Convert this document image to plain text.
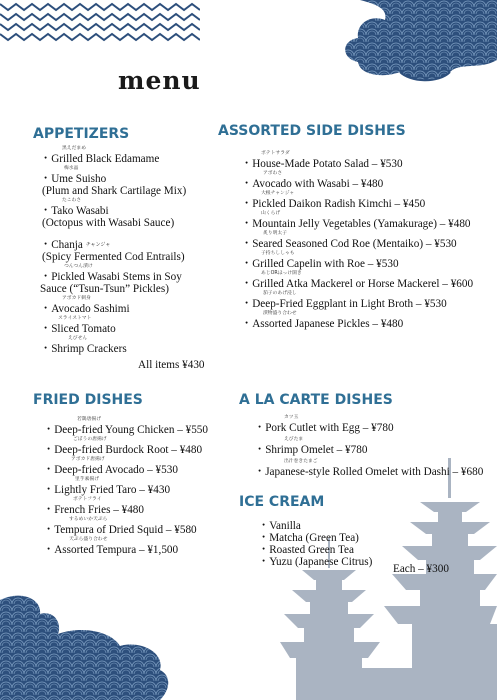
menu
APPETIZERS
黒えだまめ
・Grilled Black Edamame
梅水晶
・Ume Suisho
(Plum and Shark Cartilage Mix)
たこわさ
・Tako Wasabi
(Octopus with Wasabi Sauce)
・Chanja $^{チャンジャ}$
(Spicy Fermented Cod Entrails)
つんつん漬け
・Pickled Wasabi Stems in Soy
Sauce (“Tsun-Tsun” Pickles)
アボカド刺身
・Avocado Sashimi
スライストマト
・Sliced Tomato
えびせん
・Shrimp Crackers
All items ¥430
ASSORTED SIDE DISHES
ポテトサラダ
・House-Made Potato Salad – ¥530
アボわさ
・Avocado with Wasabi – ¥480
大根チャンジャ
・Pickled Daikon Radish Kimchi – ¥450
山くらげ
・Mountain Jelly Vegetables (Yamakurage) – ¥480
炙り明太子
・Seared Seasoned Cod Roe (Mentaiko) – ¥530
子持ちししゃも
・Grilled Capelin with Roe – ¥530
あじORほっけ開き
・Grilled Atka Mackerel or Horse Mackerel – ¥600
茄子のあげ浸し
・Deep-Fried Eggplant in Light Broth – ¥530
漬物盛り合わせ
・Assorted Japanese Pickles – ¥480
FRIED DISHES
若鶏唐揚げ
・Deep-fried Young Chicken – ¥550
ごぼうの唐揚げ
・Deep-fried Burdock Root – ¥480
アボカド唐揚げ
・Deep-fried Avocado – ¥530
里芋素揚げ
・Lightly Fried Taro – ¥430
ポテトフライ
・French Fries – ¥480
するめいか天ぷら
・Tempura of Dried Squid – ¥580
天ぷら盛り合わせ
・Assorted Tempura – ¥1,500
A LA CARTE DISHES
カツ玉
・Pork Cutlet with Egg – ¥780
えびたま
・Shrimp Omelet – ¥780
出汁巻きたまご
・Japanese-style Rolled Omelet with Dashi – ¥680
ICE CREAM
・Vanilla
・Matcha (Green Tea)
・Roasted Green Tea
・Yuzu (Japanese Citrus)
Each – ¥300
